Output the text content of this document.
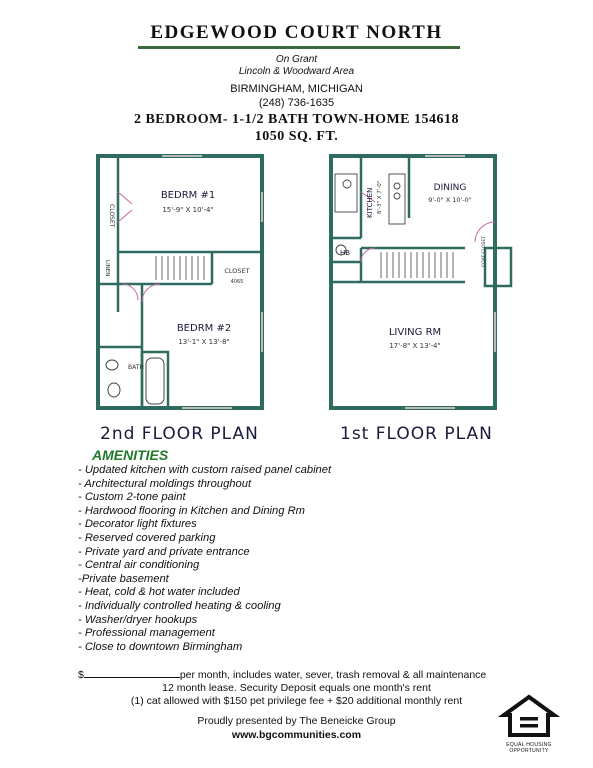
EDGEWOOD COURT NORTH
On Grant
Lincoln & Woodward Area
BIRMINGHAM, MICHIGAN
(248) 736-1635
2 BEDROOM- 1-1/2 BATH TOWN-HOME 154618
1050 SQ. FT.
BEDRM #1
15'-9" X 10'-4"
BEDRM #2
13'-1" X 13'-8"
CLOSET
CLOSET
4065
LINEN
BATH
KITCHEN 8'-3" X 7'-0"	DINING
9'-0" X 10'-0"
HB
LIVING RM
17'-8" X 13'-4"
COAT CLOSET
2nd FLOOR PLAN	1st FLOOR PLAN
AMENITIES
- Updated kitchen with custom raised panel cabinet
- Architectural moldings throughout
- Custom 2-tone paint
- Hardwood flooring in Kitchen and Dining Rm
- Decorator light fixtures
- Reserved covered parking
- Private yard and private entrance
- Central air conditioning
-Private basement
- Heat, cold & hot water included
- Individually controlled heating & cooling
- Washer/dryer hookups
- Professional management
- Close to downtown Birmingham
$	per month, includes water, sever, trash removal & all maintenance
12 month lease. Security Deposit equals one month's rent
(1) cat allowed with $150 pet privilege fee + $20 additional monthly rent
Proudly presented by The Beneicke Group
www.bgcommunities.com
EQUAL HOUSING
OPPORTUNITY
